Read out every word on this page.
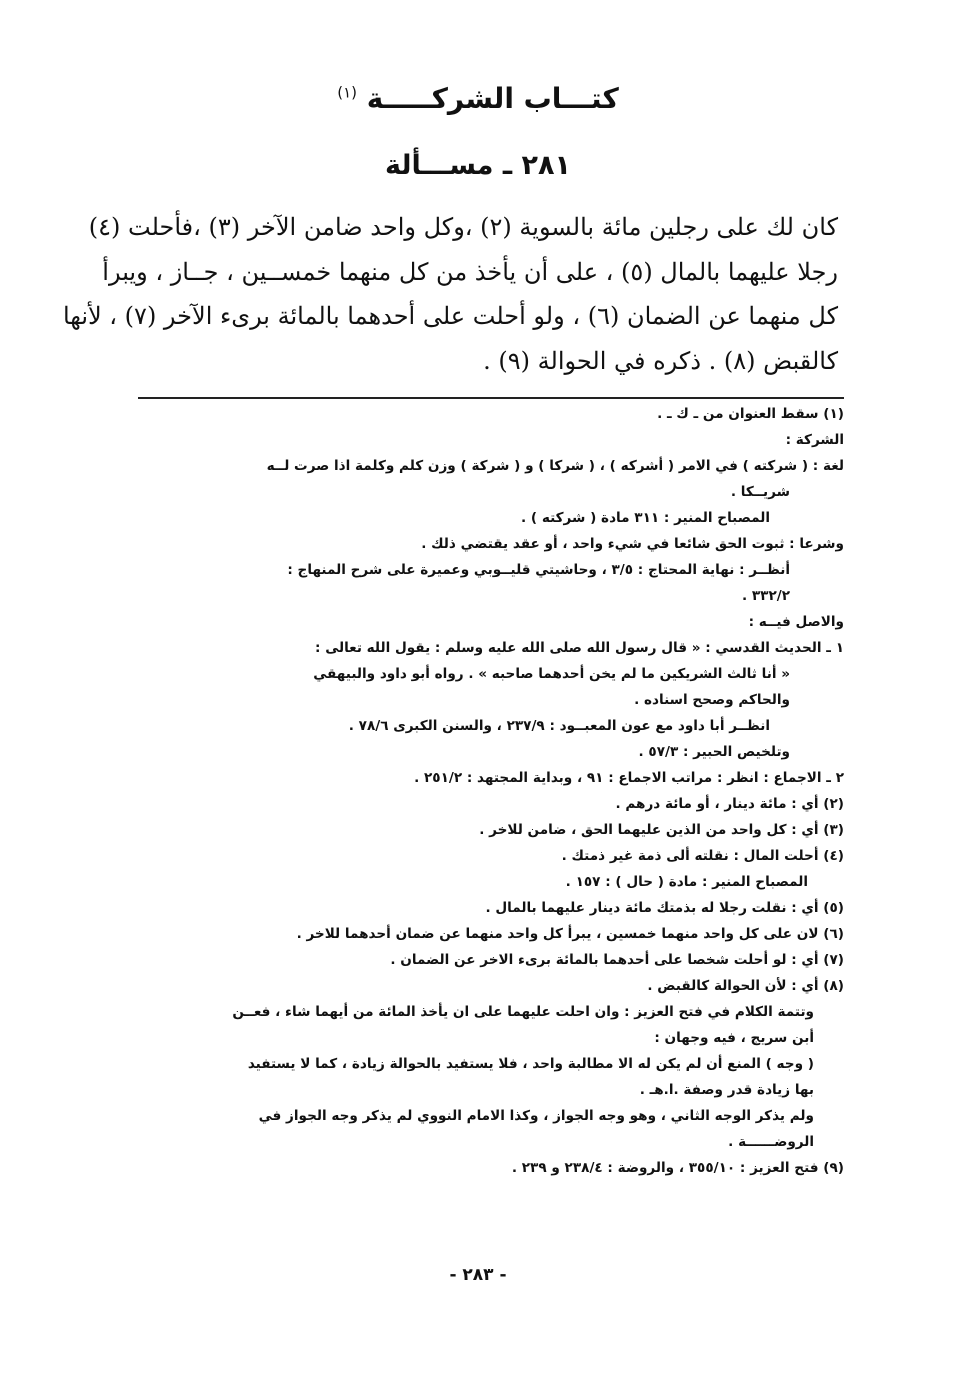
كتـــاب الشركـــــة $^{(١)}$
٢٨١ ـ مســـألة
كان لك على رجلين مائة بالسوية (٢) ،وكل واحد ضامن الآخر (٣) ،فأحلت (٤)
رجلا عليهما بالمال (٥) ، على أن يأخذ من كل منهما خمســين ، جــاز ، ويبرأ
كل منهما عن الضمان (٦) ، ولو أحلت على أحدهما بالمائة برىء الآخر (٧) ، لأنها
كالقبض (٨) . ذكره في الحوالة (٩) .
(١) سقط العنوان من ـ ك ـ .
الشركة :
لغة : ( شركته ) في الامر ( أشركه ) ، ( شركا ) و ( شركة ) وزن كلم وكلمة اذا صرت لــه
شريــكا .
المصباح المنير : ٣١١ مادة ( شركته ) .
وشرعا : ثبوت الحق شائعا في شيء واحد ، أو عقد يقتضي ذلك .
أنظــر : نهاية المحتاج : ٣/٥ ، وحاشيتي قليــوبي وعميرة على شرح المنهاج :
٣٣٢/٢ .
والاصل فيــه :
١ ـ الحديث القدسي : « قال رسول الله صلى الله عليه وسلم : يقول الله تعالى :
« أنا ثالث الشريكين ما لم يخن أحدهما صاحبه » . رواه أبو داود والبيهقي
والحاكم وصحح اسناده .
انظــر أبا داود مع عون المعبــود : ٢٣٧/٩ ، والسنن الكبرى ٧٨/٦ .
وتلخيص الحبير : ٥٧/٣ .
٢ ـ الاجماع : انظر : مراتب الاجماع : ٩١ ، وبداية المجتهد : ٢٥١/٢ .
(٢) أي : مائة دينار ، أو مائة درهم .
(٣) أي : كل واحد من الذين عليهما الحق ، ضامن للاخر .
(٤) أحلت المال : نقلته ألى ذمة غير ذمتك .
المصباح المنير : مادة ( حال ) : ١٥٧ .
(٥) أي : نقلت رجلا له بذمتك مائة دينار عليهما بالمال .
(٦) لان على كل واحد منهما خمسين ، يبرأ كل واحد منهما عن ضمان أحدهما للاخر .
(٧) أي : لو أحلت شخصا على أحدهما بالمائة برىء الاخر عن الضمان .
(٨) أي : لأن الحوالة كالقبض .
وتتمة الكلام في فتح العزيز : وان احلت عليهما على ان يأخذ المائة من أيهما شاء ، فعــن
أبن سريج ، فيه وجهان :
( وجه ) المنع أن لم يكن له الا مطالبة واحد ، فلا يستفيد بالحوالة زيادة ، كما لا يستفيد
بها زيادة قدر وصفة .ا.هـ .
ولم يذكر الوجه الثاني ، وهو وجه الجواز ، وكذا الامام النووي لم يذكر وجه الجواز في
الروضــــــة .
(٩) فتح العزيز : ٣٥٥/١٠ ، والروضة : ٢٣٨/٤ و ٢٣٩ .
- ٢٨٣ -
